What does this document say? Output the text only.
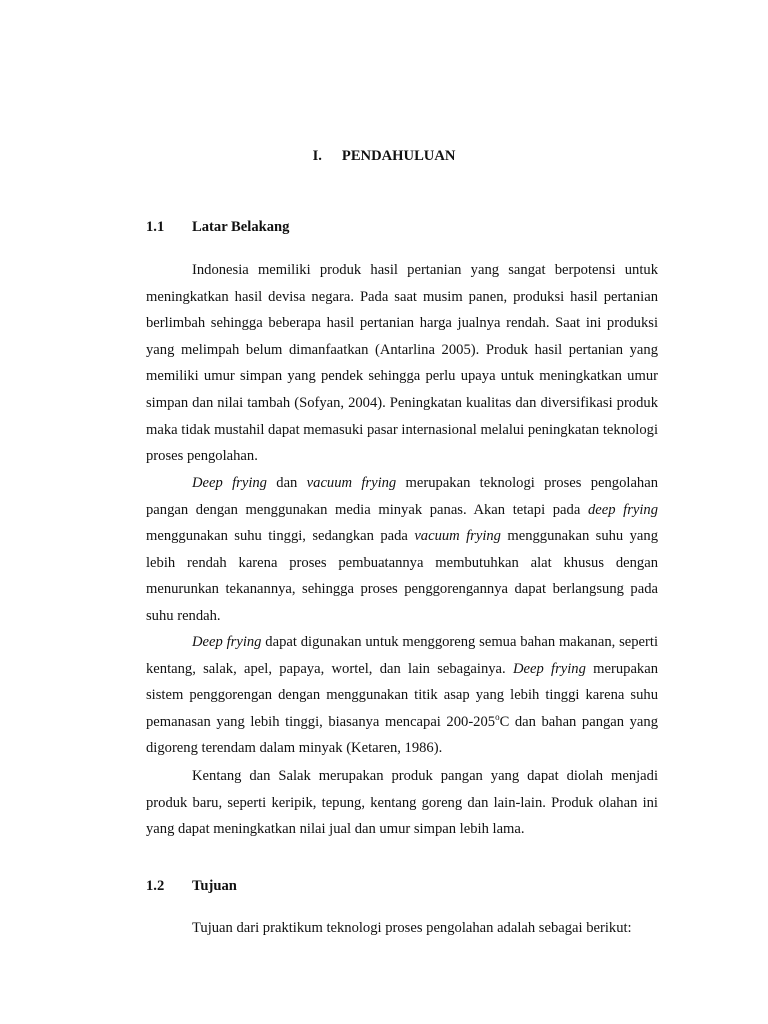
I. PENDAHULUAN
1.1 Latar Belakang

Indonesia memiliki produk hasil pertanian yang sangat berpotensi untuk meningkatkan hasil devisa negara. Pada saat musim panen, produksi hasil pertanian berlimbah sehingga beberapa hasil pertanian harga jualnya rendah. Saat ini produksi yang melimpah belum dimanfaatkan (Antarlina 2005). Produk hasil pertanian yang memiliki umur simpan yang pendek sehingga perlu upaya untuk meningkatkan umur simpan dan nilai tambah (Sofyan, 2004). Peningkatan kualitas dan diversifikasi produk maka tidak mustahil dapat memasuki pasar internasional melalui peningkatan teknologi proses pengolahan.

Deep frying dan vacuum frying merupakan teknologi proses pengolahan pangan dengan menggunakan media minyak panas. Akan tetapi pada deep frying menggunakan suhu tinggi, sedangkan pada vacuum frying menggunakan suhu yang lebih rendah karena proses pembuatannya membutuhkan alat khusus dengan menurunkan tekanannya, sehingga proses penggorengannya dapat berlangsung pada suhu rendah.

Deep frying dapat digunakan untuk menggoreng semua bahan makanan, seperti kentang, salak, apel, papaya, wortel, dan lain sebagainya. Deep frying merupakan sistem penggorengan dengan menggunakan titik asap yang lebih tinggi karena suhu pemanasan yang lebih tinggi, biasanya mencapai 200-205$^o$C dan bahan pangan yang digoreng terendam dalam minyak (Ketaren, 1986).

Kentang dan Salak merupakan produk pangan yang dapat diolah menjadi produk baru, seperti keripik, tepung, kentang goreng dan lain-lain. Produk olahan ini yang dapat meningkatkan nilai jual dan umur simpan lebih lama.

1.2 Tujuan

Tujuan dari praktikum teknologi proses pengolahan adalah sebagai berikut:
